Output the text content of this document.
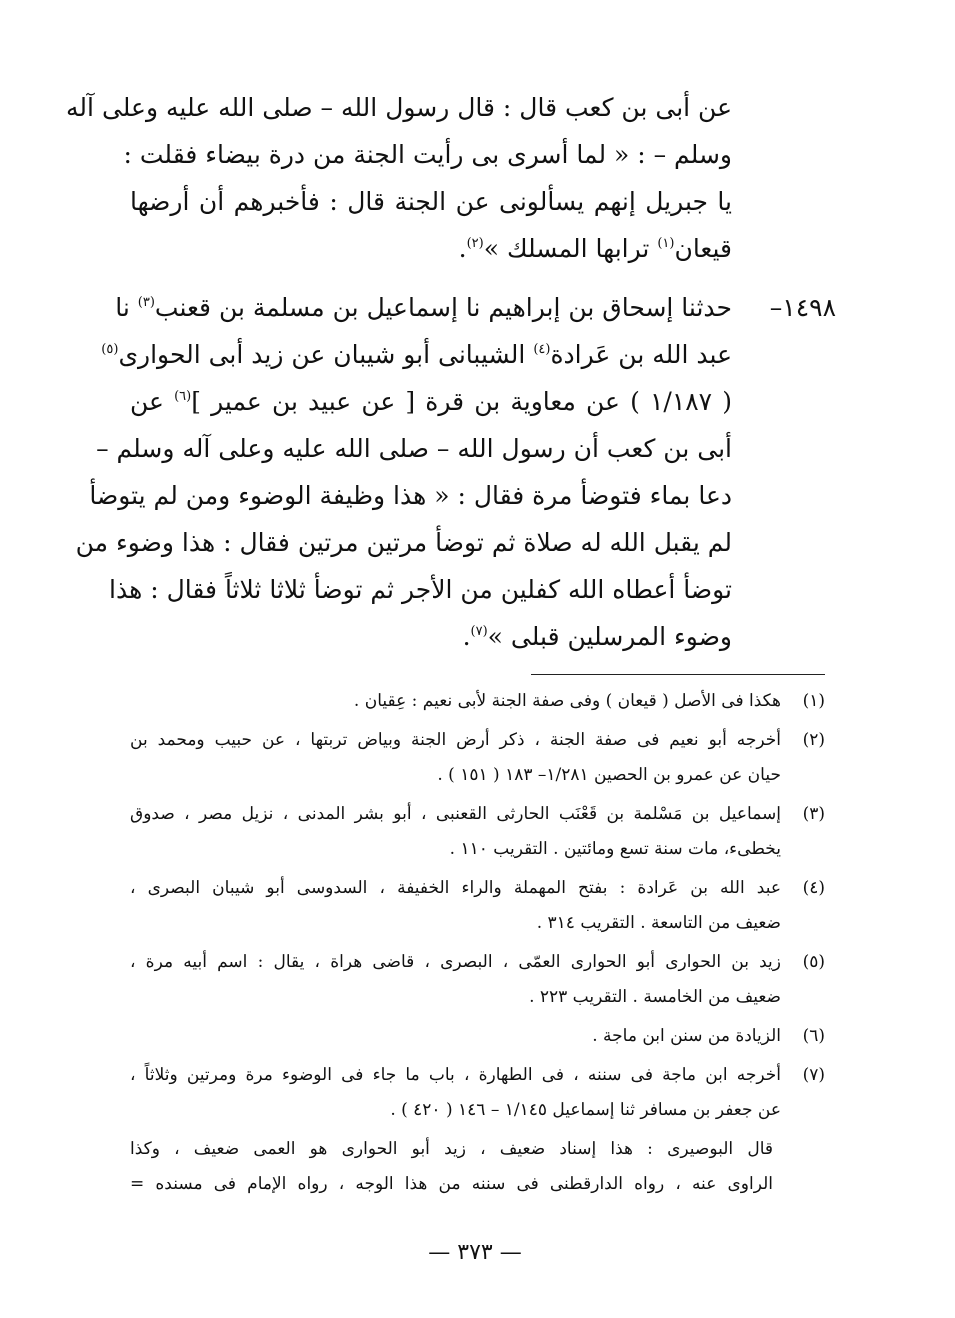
عن أبى بن كعب قال : قال رسول الله – صلى الله عليه وعلى آله
وسلم – : « لما أسرى بى رأيت الجنة من درة بيضاء فقلت :
يا جبريل إنهم يسألونى عن الجنة قال : فأخبرهم أن أرضها
قيعان$^{(١)}$ ترابها المسلك »$^{(٢)}$.
١٤٩٨–
حدثنا إسحاق بن إبراهيم نا إسماعيل بن مسلمة بن قعنب$^{(٣)}$ نا
عبد الله بن عَرادة$^{(٤)}$ الشيبانى أبو شيبان عن زيد أبى الحوارى$^{(٥)}$
( ١/١٨٧ ) عن معاوية بن قرة [ عن عبيد بن عمير ]$^{(٦)}$ عن
أبى بن كعب أن رسول الله – صلى الله عليه وعلى آله وسلم –
دعا بماء فتوضأ مرة فقال : « هذا وظيفة الوضوء ومن لم يتوضأ
لم يقبل الله له صلاة ثم توضأ مرتين مرتين فقال : هذا وضوء من
توضأ أعطاه الله كفلين من الأجر ثم توضأ ثلاثا ثلاثاً فقال : هذا
وضوء المرسلين قبلى »$^{(٧)}$.
(١)
هكذا فى الأصل ( قيعان ) وفى صفة الجنة لأبى نعيم : عِقيان .
(٢)
أخرجه أبو نعيم فى صفة الجنة ، ذكر أرض الجنة وبياض تربتها ، عن حبيب ومحمد بن
حيان عن عمرو بن الحصين ١/٢٨١– ١٨٣ ( ١٥١ ) .
(٣)
إسماعيل بن مَسْلمة بن قَعْنَب الحارثى القعنبى ، أبو بشر المدنى ، نزيل مصر ، صدوق
يخطىء، مات سنة تسع ومائتين . التقريب ١١٠ .
(٤)
عبد الله بن عَرادة : بفتح المهملة والراء الخفيفة ، السدوسى أبو شيبان البصرى ،
ضعيف من التاسعة . التقريب ٣١٤ .
(٥)
زيد بن الحوارى أبو الحوارى العمّى ، البصرى ، قاضى هراة ، يقال : اسم أبيه مرة ،
ضعيف من الخامسة . التقريب ٢٢٣ .
(٦)
الزيادة من سنن ابن ماجة .
(٧)
أخرجه ابن ماجة فى سننه ، فى الطهارة ، باب ما جاء فى الوضوء مرة ومرتين وثلاثاً ،
عن جعفر بن مسافر ثنا إسماعيل ١/١٤٥ – ١٤٦ ( ٤٢٠ ) .
قال البوصيرى : هذا إسناد ضعيف ، زيد أبو الحوارى هو العمى ضعيف ، وكذا
الراوى عنه ، رواه الدارقطنى فى سننه من هذا الوجه ، رواه الإمام فى مسنده =
— ٣٧٣ —
